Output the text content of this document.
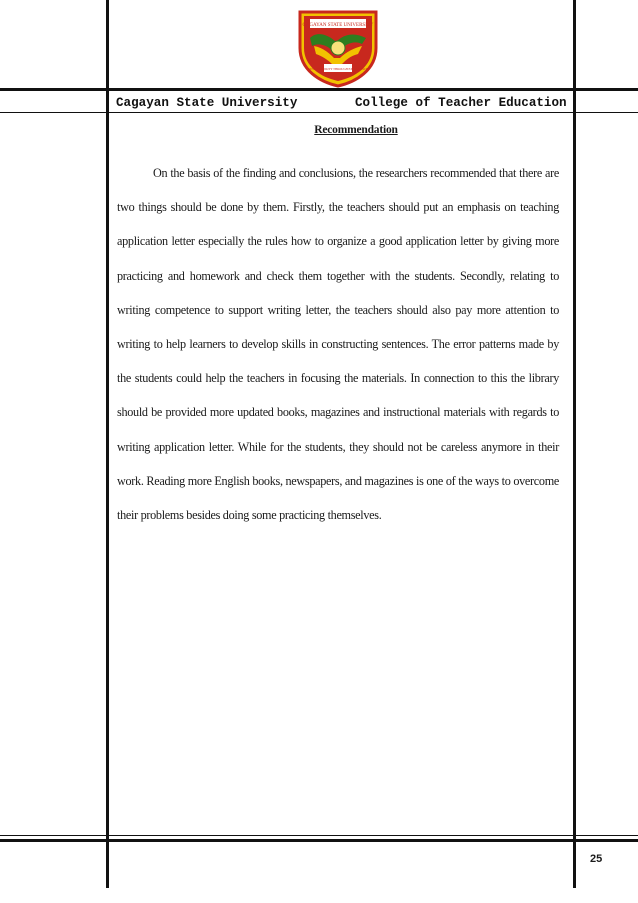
CAGAYAN STATE UNIVERSITY
SUSTAINABILITY THROUGH EXCELLENCE
Cagayan State University	College of Teacher Education
Recommendation

On the basis of the finding and conclusions, the researchers recommended that there are two things should be done by them. Firstly, the teachers should put an emphasis on teaching application letter especially the rules how to organize a good application letter by giving more practicing and homework and check them together with the students. Secondly, relating to writing competence to support writing letter, the teachers should also pay more attention to writing to help learners to develop skills in constructing sentences. The error patterns made by the students could help the teachers in focusing the materials. In connection to this the library should be provided more updated books, magazines and instructional materials with regards to writing application letter. While for the students, they should not be careless anymore in their work. Reading more English books, newspapers, and magazines is one of the ways to overcome their problems besides doing some practicing themselves.

25
